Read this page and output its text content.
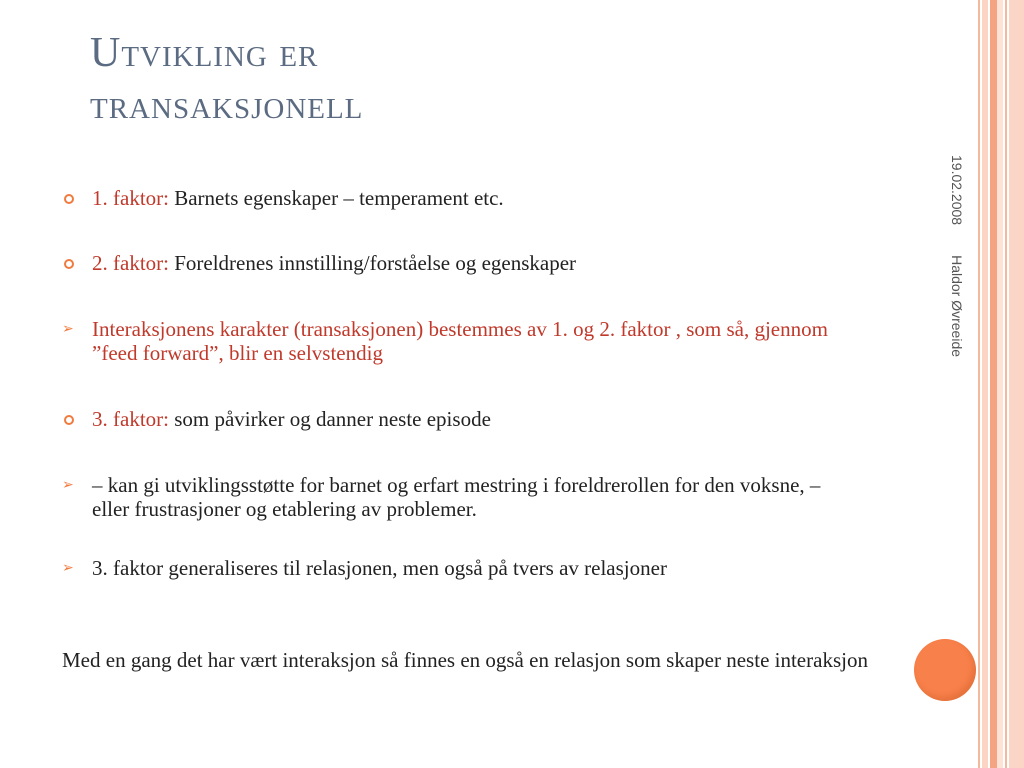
Utvikling er
transaksjonell
19.02.2008Haldor Øvreeide
1. faktor: Barnets egenskaper – temperament etc.
2. faktor: Foreldrenes innstilling/forståelse og egenskaper
➢ Interaksjonens karakter (transaksjonen) bestemmes av 1. og 2. faktor , som så, gjennom ”feed forward”, blir en selvstendig
3. faktor: som påvirker og danner neste episode
➢ – kan gi utviklingsstøtte for barnet og erfart mestring i foreldrerollen for den voksne, – eller frustrasjoner og etablering av problemer.
➢ 3. faktor generaliseres til relasjonen, men også på tvers av relasjoner
Med en gang det har vært interaksjon så finnes en også en relasjon som skaper neste interaksjon
